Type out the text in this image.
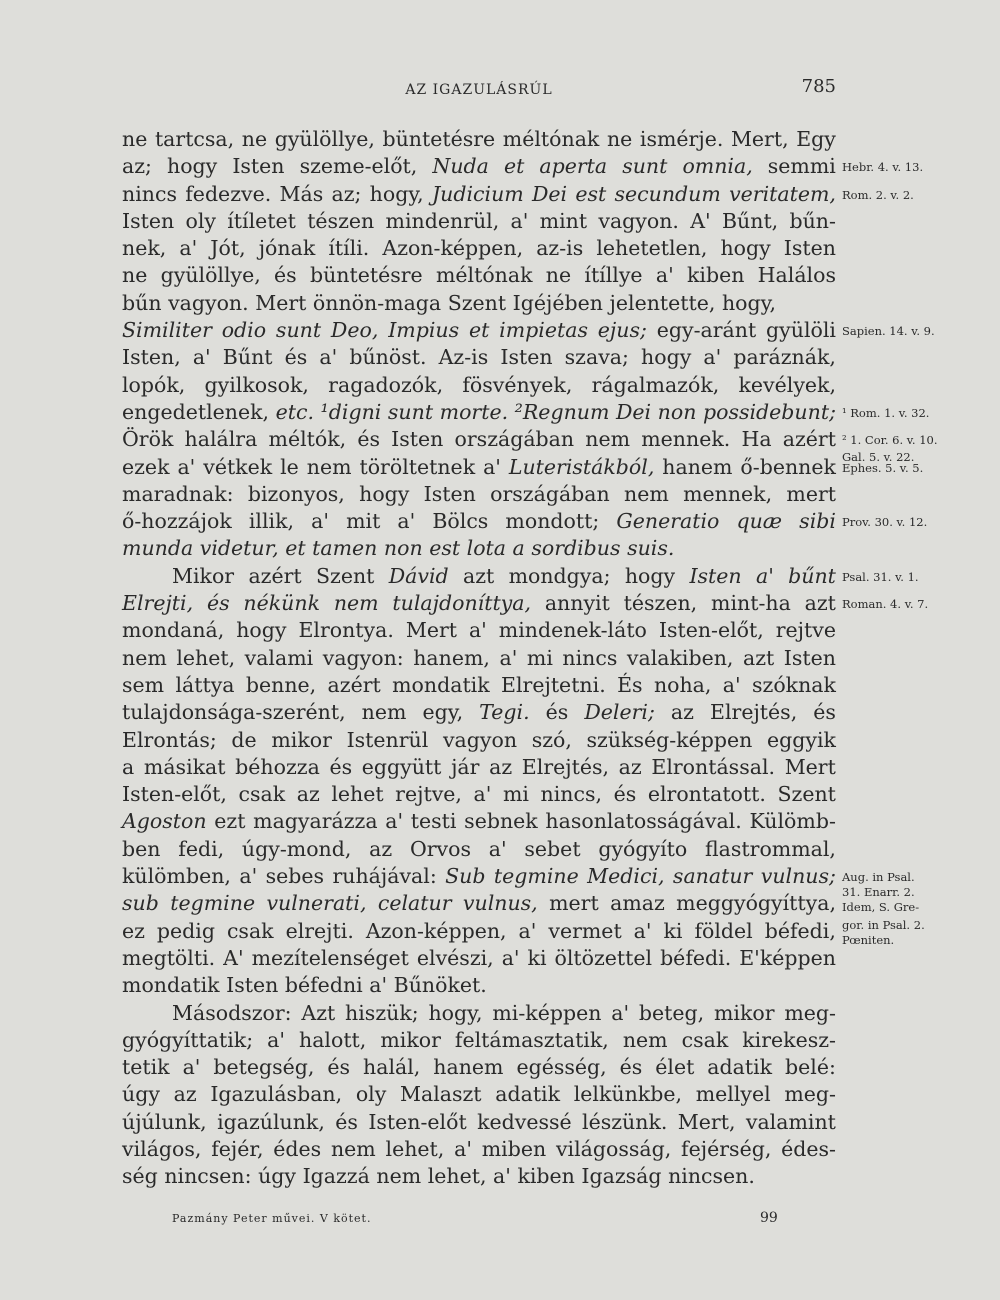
AZ IGAZULÁSRÚL	785
ne tartcsa, ne gyülöllye, büntetésre méltónak ne ismérje. Mert, Egy
az; hogy Isten szeme-előt, Nuda et aperta sunt omnia, semmi
nincs fedezve. Más az; hogy, Judicium Dei est secundum veritatem,
Isten oly ítíletet tészen mindenrül, a' mint vagyon. A' Bűnt, bűn-
nek, a' Jót, jónak ítíli. Azon-képpen, az-is lehetetlen, hogy Isten
ne gyülöllye, és büntetésre méltónak ne ítíllye a' kiben Halálos
bűn vagyon. Mert önnön-maga Szent Igéjében jelentette, hogy,
Similiter odio sunt Deo, Impius et impietas ejus; egy-aránt gyülöli
Isten, a' Bűnt és a' bűnöst. Az-is Isten szava; hogy a' paráznák,
lopók, gyilkosok, ragadozók, fösvények, rágalmazók, kevélyek,
engedetlenek, etc. ¹digni sunt morte. ²Regnum Dei non possidebunt;
Örök halálra méltók, és Isten országában nem mennek. Ha azért
ezek a' vétkek le nem töröltetnek a' Luteristákból, hanem ő-bennek
maradnak: bizonyos, hogy Isten országában nem mennek, mert
ő-hozzájok illik, a' mit a' Bölcs mondott; Generatio quæ sibi
munda videtur, et tamen non est lota a sordibus suis.
Mikor azért Szent Dávid azt mondgya; hogy Isten a' bűnt
Elrejti, és nékünk nem tulajdoníttya, annyit tészen, mint-ha azt
mondaná, hogy Elrontya. Mert a' mindenek-láto Isten-előt, rejtve
nem lehet, valami vagyon: hanem, a' mi nincs valakiben, azt Isten
sem láttya benne, azért mondatik Elrejtetni. És noha, a' szóknak
tulajdonsága-szerént, nem egy, Tegi. és Deleri; az Elrejtés, és
Elrontás; de mikor Istenrül vagyon szó, szükség-képpen eggyik
a másikat béhozza és eggyütt jár az Elrejtés, az Elrontással. Mert
Isten-előt, csak az lehet rejtve, a' mi nincs, és elrontatott. Szent
Agoston ezt magyarázza a' testi sebnek hasonlatosságával. Külömb-
ben fedi, úgy-mond, az Orvos a' sebet gyógyíto flastrommal,
külömben, a' sebes ruhájával: Sub tegmine Medici, sanatur vulnus;
sub tegmine vulnerati, celatur vulnus, mert amaz meggyógyíttya,
ez pedig csak elrejti. Azon-képpen, a' vermet a' ki földel béfedi,
megtölti. A' mezítelenséget elvészi, a' ki öltözettel béfedi. E'képpen
mondatik Isten béfedni a' Bűnöket.
Másodszor: Azt hiszük; hogy, mi-képpen a' beteg, mikor meg-
gyógyíttatik; a' halott, mikor feltámasztatik, nem csak kirekesz-
tetik a' betegség, és halál, hanem egésség, és élet adatik belé:
úgy az Igazulásban, oly Malaszt adatik lelkünkbe, mellyel meg-
újúlunk, igazúlunk, és Isten-előt kedvessé lészünk. Mert, valamint
világos, fejér, édes nem lehet, a' miben világosság, fejérség, édes-
ség nincsen: úgy Igazzá nem lehet, a' kiben Igazság nincsen.
Hebr. 4. v. 13.
Rom. 2. v. 2.
Sapien. 14. v. 9.
¹ Rom. 1. v. 32.
² 1. Cor. 6. v. 10.
Gal. 5. v. 22.
Ephes. 5. v. 5.
Prov. 30. v. 12.
Psal. 31. v. 1.
Roman. 4. v. 7.
Aug. in Psal.
31. Enarr. 2.
Idem, S. Gre-
gor. in Psal. 2.
Pœniten.
Pazmány Peter művei. V kötet.	99
